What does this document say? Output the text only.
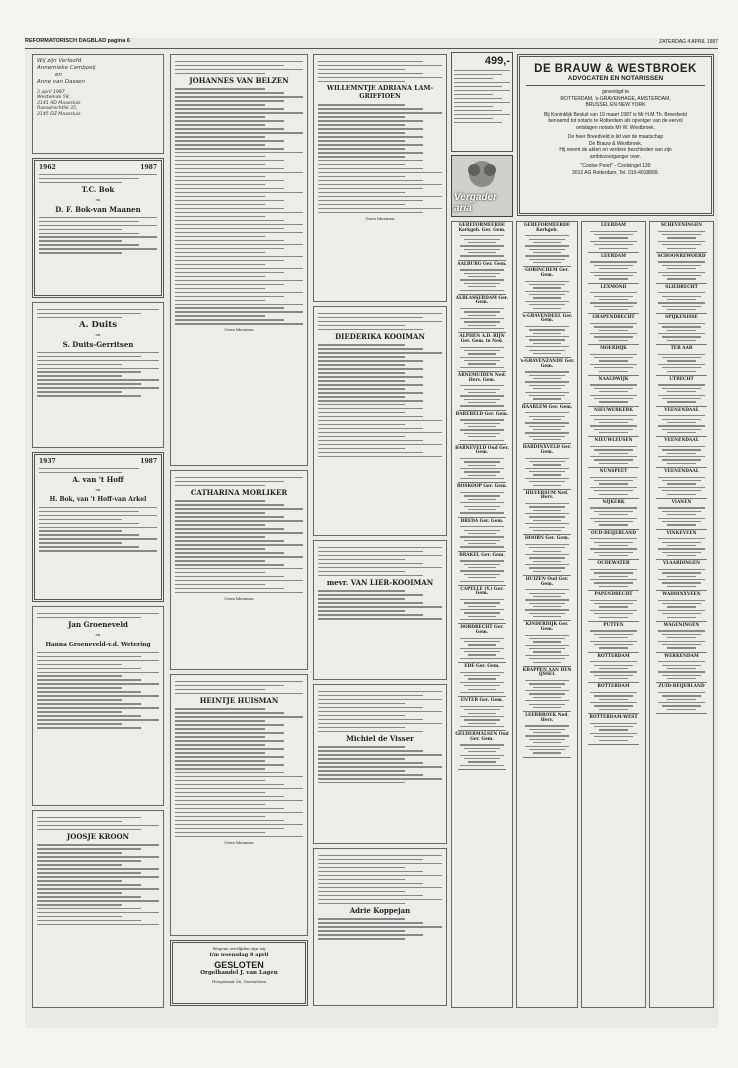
REFORMATORISCH DAGBLAD pagina 6	ZATERDAG 4 APRIL 1987
Wij zijn Verloofd
Annemieke Cambooij
en
Anne van Dassen
3 april 1987
Westeinde 58,
3141 AD Maassluis
Roeadrechtlik 35,
3145 DZ Maassluis
1962	1987
T.C. Bok
en
D. F. Bok-van Maanen
A. Duits
en
S. Duits-Gerritsen
1937	1987
A. van 't Hoff
en
H. Bok, van 't Hoff-van Arkel
Jan Groeneveld
en
Hanna Groeneveld-v.d. Wetering
JOOSJE KROON
JOHANNES VAN BELZEN
Geen bloemen
CATHARINA MORLIKER
Geen bloemen
HEINTJE HUISMAN
Geen bloemen
Wegens overlijden zijn wij
t/m woensdag 8 april
GESLOTEN
Orgelhandel J. van Lagen
Hoogstraat 36, Gorinchem
WILLEMNTJE ADRIANA LAM-GRIFFIOEN
Geen bloemen
DIEDERIKA KOOIMAN
mevr. VAN LIER-KOOIMAN
Michiel de Visser
Adrie Koppejan
499,-
Vergader aria
GEREFORMEERDE Kerkgeb. Ger. Gem.
AALBURG Ger. Gem.
ALBLASSERDAM Ger. Gem.
ALPHEN A.D. RIJN Ger. Gem. in Ned.
ARNEMUIDEN Ned. Herv. Gem.
BAREBELD Ger. Gem.
BARNEVELD Oud Ger. Gem.
BOSKOOP Ger. Gem.
BREDA Ger. Gem.
BRAKEL Ger. Gem.
CAPELLE (Y.) Ger. Gem.
DORDRECHT Ger. Gem.
EDE Ger. Gem.
ENTER Ger. Gem.
GELDERMALSEN Oud Ger. Gem.
GEREFORMEERDE Kerkgeb.
GORINCHEM Ger. Gem.
's-GRAVENDEEL Ger. Gem.
's-GRAVENZANDE Ger. Gem.
HAARLEM Ger. Gem.
HARDINXVELD Ger. Gem.
HILVERSUM Ned. Herv.
HOORN Ger. Gem.
HUIZEN Oud Ger. Gem.
KINDERDIJK Ger. Gem.
KRAPPEN AAN DEN IJSSEL
LEERBROEK Ned. Herv.
LEERDAM
LEERDAM
LEXMOND
GRAPENDRECHT
MOERDIJK
NAALDWIJK
NIEUWERKERK
NIEUWLEUSEN
NUNSPEET
NIJKERK
OUD-BEIJERLAND
OUDEWATER
PAPENDRECHT
PUTTEN
ROTTERDAM
ROTTERDAM
ROTTERDAM-WEST
SCHEVENINGEN
SCHOONREWOERD
SLIEDRECHT
SPIJKENISSE
TER AAR
UTRECHT
VEENENDAAL
VEENENDAAL
VEENENDAAL
VIANEN
VINKEVEEN
VLAARDINGEN
WADDINXVEEN
WAGENINGEN
WERKENDAM
ZUID-BEIJERLAND
DE BRAUW & WESTBROEK
ADVOCATEN EN NOTARISSEN
gevestigd te
ROTTERDAM, 's-GRAVENHAGE, AMSTERDAM,
BRUSSEL EN NEW YORK
Bij Koninklijk Besluit van 19 maart 1987 is Mr H.M.Th. Breedveld
benoemd tot notaris te Rotterdam als opvolger van de eervol
ontslagen notaris Mr W. Westbroek.
De heer Breedveld is lid van de maatschap
De Brauw & Westbroek.
Hij neemt de akten en verdere beschieden van zijn
ambtsvoorganger over.
"Coolse Poort" - Coolsingel 139
3012 AG Rotterdam, Tel. 010-4018899.
